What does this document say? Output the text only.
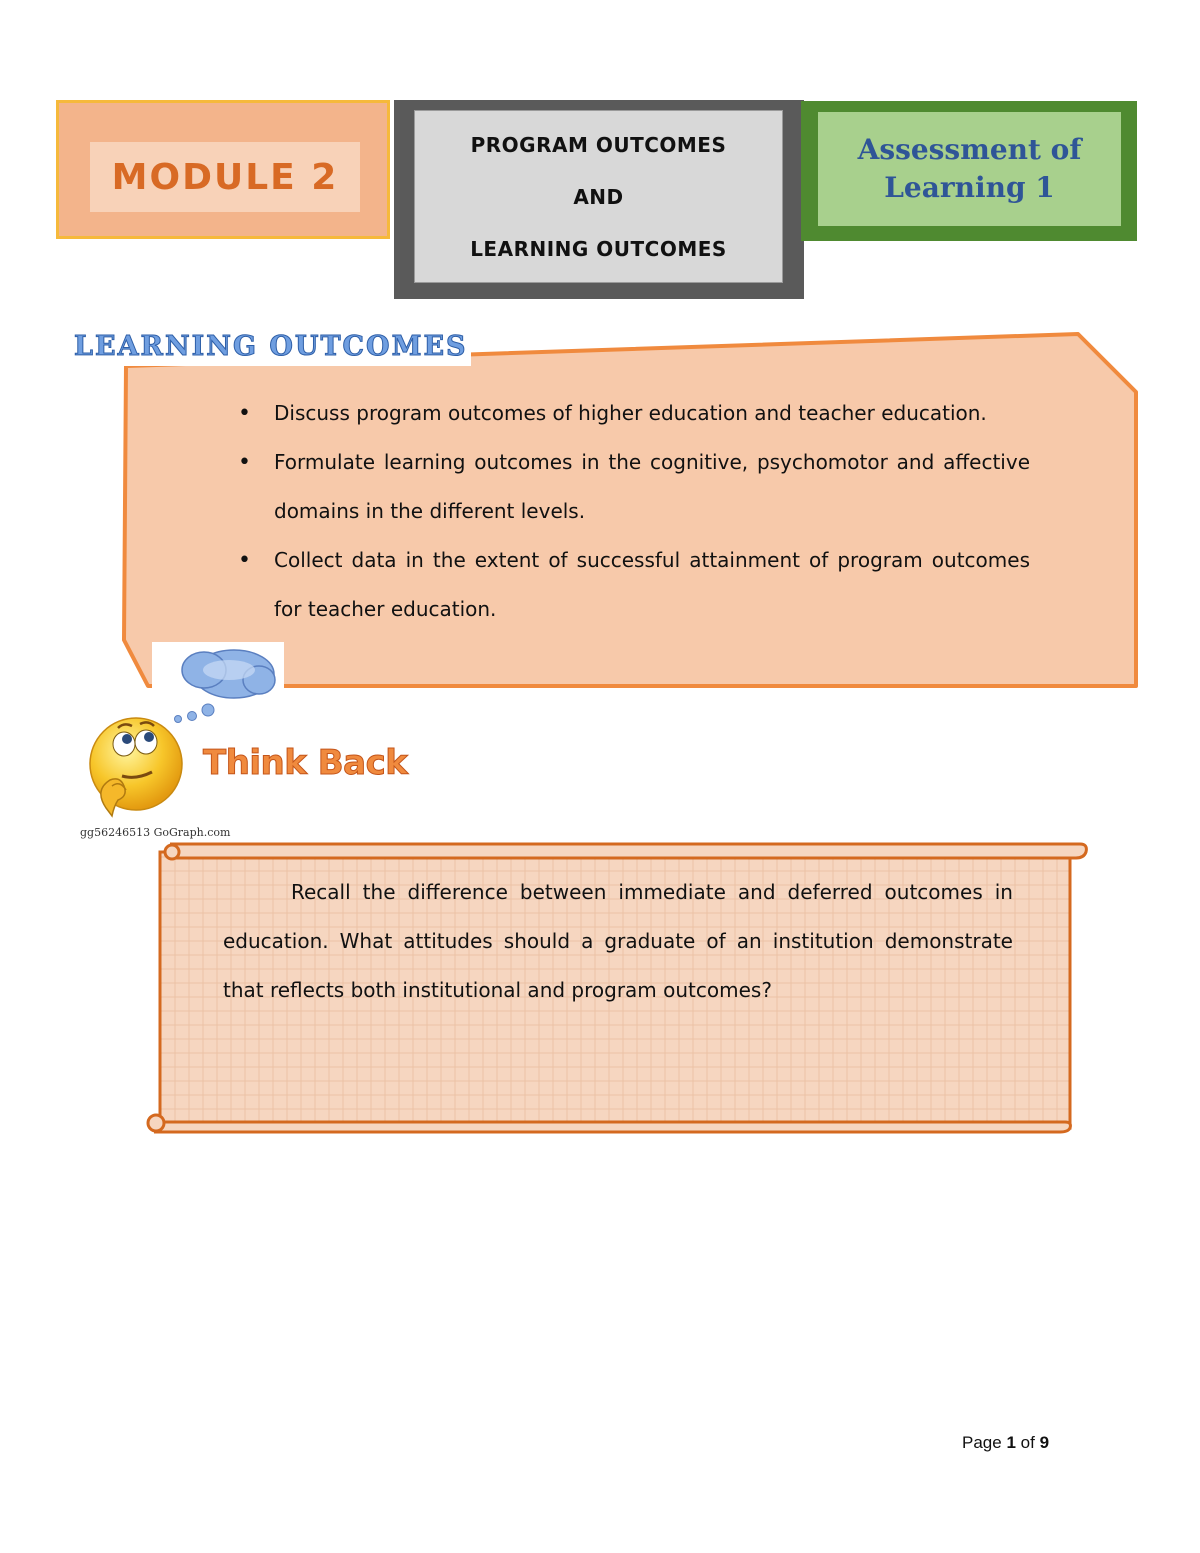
MODULE 2
PROGRAM OUTCOMES
AND
LEARNING OUTCOMES
Assessment of
Learning 1
LEARNING OUTCOMES
• Discuss program outcomes of higher education and teacher education.
• Formulate learning outcomes in the cognitive, psychomotor and affective domains in the different levels.
• Collect data in the extent of successful attainment of program outcomes for teacher education.
Think Back
gg56246513 GoGraph.com

Recall the difference between immediate and deferred outcomes in education. What attitudes should a graduate of an institution demonstrate that reflects both institutional and program outcomes?

Page 1 of 9
